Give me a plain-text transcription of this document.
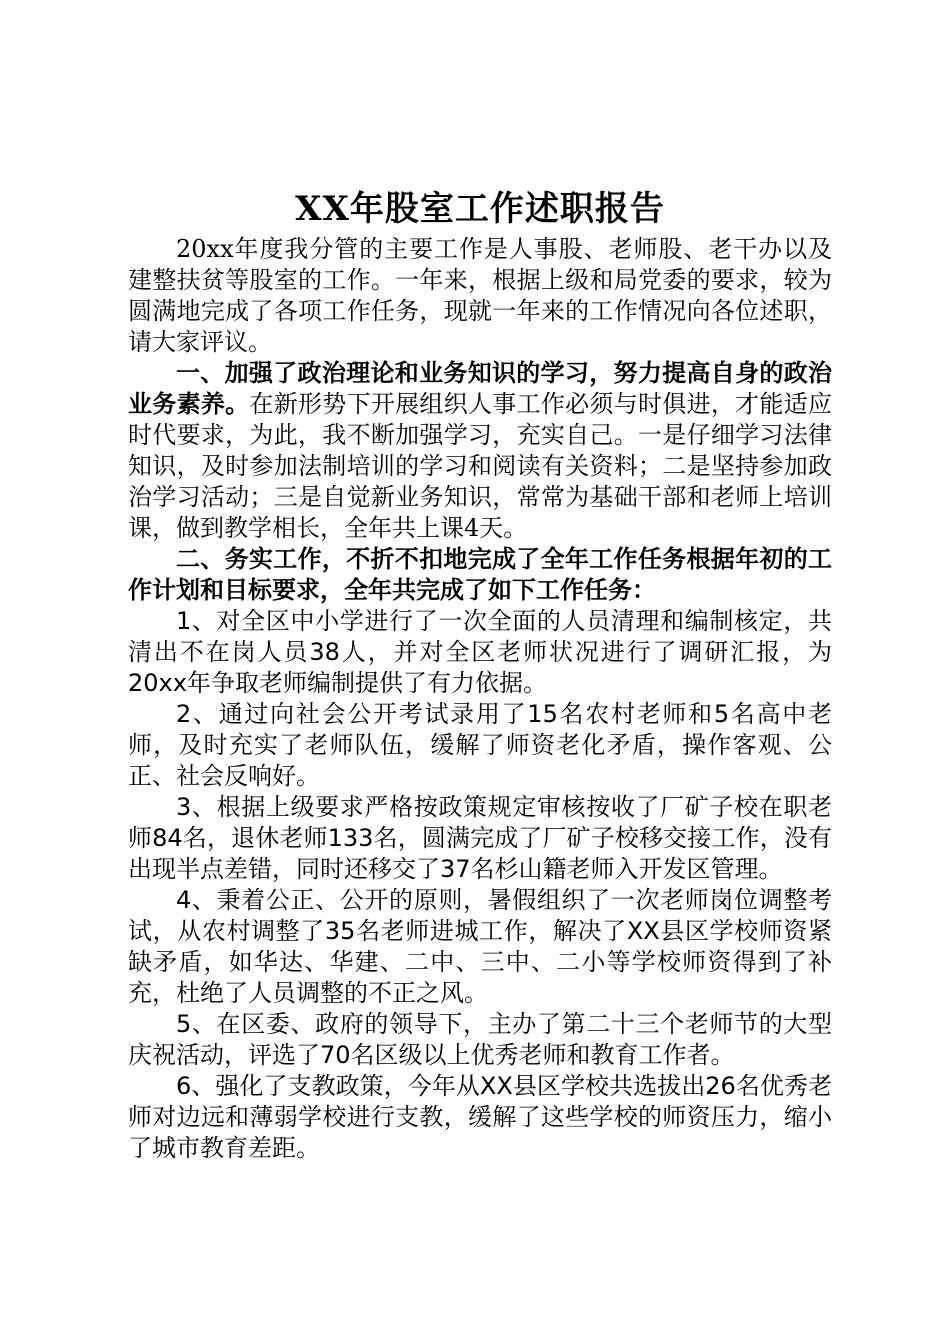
XX年股室工作述职报告

20xx年度我分管的主要工作是人事股、老师股、老干办以及建整扶贫等股室的工作。一年来，根据上级和局党委的要求，较为圆满地完成了各项工作任务，现就一年来的工作情况向各位述职，请大家评议。

一、加强了政治理论和业务知识的学习，努力提高自身的政治业务素养。在新形势下开展组织人事工作必须与时俱进，才能适应时代要求，为此，我不断加强学习，充实自己。一是仔细学习法律知识，及时参加法制培训的学习和阅读有关资料；二是坚持参加政治学习活动；三是自觉新业务知识，常常为基础干部和老师上培训课，做到教学相长，全年共上课4天。

二、务实工作，不折不扣地完成了全年工作任务根据年初的工作计划和目标要求，全年共完成了如下工作任务：

1、对全区中小学进行了一次全面的人员清理和编制核定，共清出不在岗人员38人，并对全区老师状况进行了调研汇报，为20xx年争取老师编制提供了有力依据。

2、通过向社会公开考试录用了15名农村老师和5名高中老师，及时充实了老师队伍，缓解了师资老化矛盾，操作客观、公正、社会反响好。

3、根据上级要求严格按政策规定审核按收了厂矿子校在职老师84名，退休老师133名，圆满完成了厂矿子校移交接工作，没有出现半点差错，同时还移交了37名杉山籍老师入开发区管理。

4、秉着公正、公开的原则，暑假组织了一次老师岗位调整考试，从农村调整了35名老师进城工作，解决了XX县区学校师资紧缺矛盾，如华达、华建、二中、三中、二小等学校师资得到了补充，杜绝了人员调整的不正之风。

5、在区委、政府的领导下，主办了第二十三个老师节的大型庆祝活动，评选了70名区级以上优秀老师和教育工作者。

6、强化了支教政策，今年从XX县区学校共选拔出26名优秀老师对边远和薄弱学校进行支教，缓解了这些学校的师资压力，缩小了城市教育差距。
